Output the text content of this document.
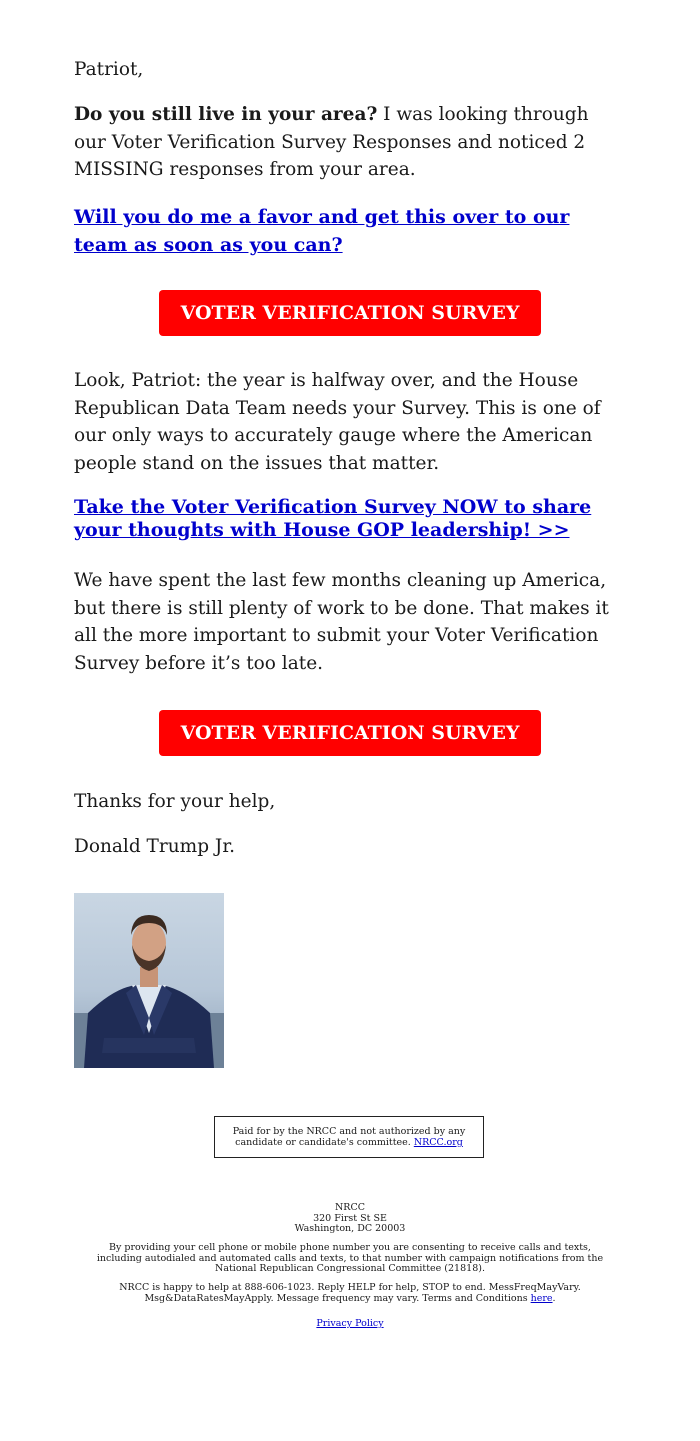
Patriot,

Do you still live in your area? I was looking through our Voter Verification Survey Responses and noticed 2 MISSING responses from your area.

Will you do me a favor and get this over to our team as soon as you can?
VOTER VERIFICATION SURVEY

Look, Patriot: the year is halfway over, and the House Republican Data Team needs your Survey. This is one of our only ways to accurately gauge where the American people stand on the issues that matter.

Take the Voter Verification Survey NOW to share your thoughts with House GOP leadership! >>

We have spent the last few months cleaning up America, but there is still plenty of work to be done. That makes it all the more important to submit your Voter Verification Survey before it’s too late.

VOTER VERIFICATION SURVEY

Thanks for your help,

Donald Trump Jr.

Paid for by the NRCC and not authorized by any candidate or candidate's committee. NRCC.org
NRCC
320 First St SE
Washington, DC 20003
By providing your cell phone or mobile phone number you are consenting to receive calls and texts, including autodialed and automated calls and texts, to that number with campaign notifications from the National Republican Congressional Committee (21818).
NRCC is happy to help at 888-606-1023. Reply HELP for help, STOP to end. MessFreqMayVary. Msg&DataRatesMayApply. Message frequency may vary. Terms and Conditions here.
Privacy Policy
